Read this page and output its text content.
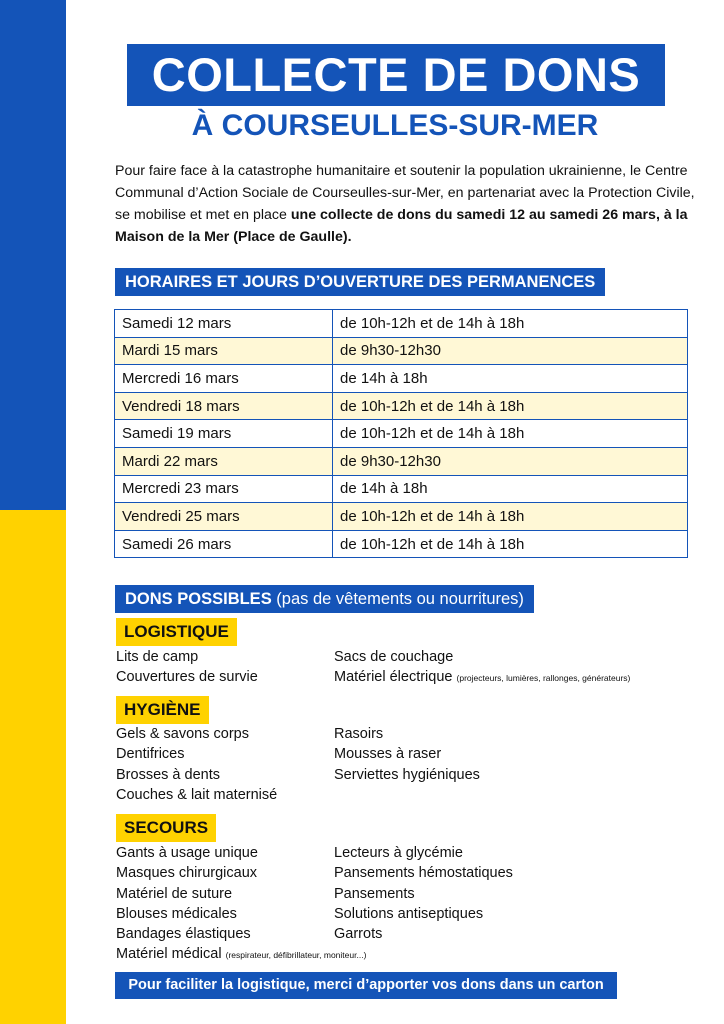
COLLECTE DE DONS
À COURSEULLES-SUR-MER

Pour faire face à la catastrophe humanitaire et soutenir la population ukrainienne, le Centre Communal d’Action Sociale de Courseulles-sur-Mer, en partenariat avec la Protection Civile, se mobilise et met en place une collecte de dons du samedi 12 au samedi 26 mars, à la Maison de la Mer (Place de Gaulle).

HORAIRES ET JOURS D’OUVERTURE DES PERMANENCES
Samedi 12 mars	de 10h-12h et de 14h à 18h
Mardi 15 mars	de 9h30-12h30
Mercredi 16 mars	de 14h à 18h
Vendredi 18 mars	de 10h-12h et de 14h à 18h
Samedi 19 mars	de 10h-12h et de 14h à 18h
Mardi 22 mars	de 9h30-12h30
Mercredi 23 mars	de 14h à 18h
Vendredi 25 mars	de 10h-12h et de 14h à 18h
Samedi 26 mars	de 10h-12h et de 14h à 18h
DONS POSSIBLES (pas de vêtements ou nourritures)
LOGISTIQUE
Lits de camp	Sacs de couchage
Couvertures de survie	Matériel électrique (projecteurs, lumières, rallonges, générateurs)
HYGIÈNE
Gels & savons corps	Rasoirs
Dentifrices	Mousses à raser
Brosses à dents	Serviettes hygiéniques
Couches & lait maternisé
SECOURS
Gants à usage unique	Lecteurs à glycémie
Masques chirurgicaux	Pansements hémostatiques
Matériel de suture	Pansements
Blouses médicales	Solutions antiseptiques
Bandages élastiques	Garrots
Matériel médical (respirateur, défibrillateur, moniteur...)
Pour faciliter la logistique, merci d’apporter vos dons dans un carton
